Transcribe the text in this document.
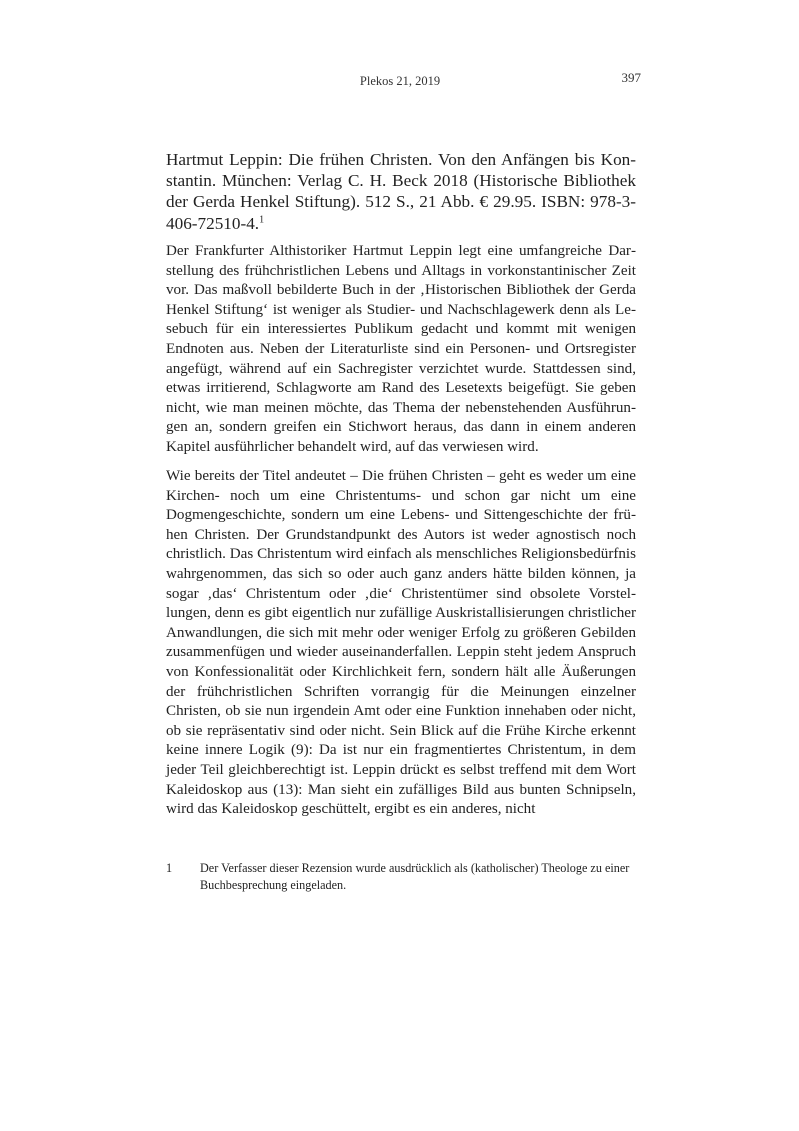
Plekos 21, 2019	397
Hartmut Leppin: Die frühen Christen. Von den Anfängen bis Konstantin. München: Verlag C. H. Beck 2018 (Historische Bibliothek der Gerda Henkel Stiftung). 512 S., 21 Abb. € 29.95. ISBN: 978-3-406-72510-4.$^1$

Der Frankfurter Althistoriker Hartmut Leppin legt eine umfangreiche Darstellung des frühchristlichen Lebens und Alltags in vorkonstantinischer Zeit vor. Das maßvoll bebilderte Buch in der ‚Historischen Bibliothek der Gerda Henkel Stiftung‘ ist weniger als Studier- und Nachschlagewerk denn als Lesebuch für ein interessiertes Publikum gedacht und kommt mit wenigen Endnoten aus. Neben der Literaturliste sind ein Personen- und Ortsregister angefügt, während auf ein Sachregister verzichtet wurde. Stattdessen sind, etwas irritierend, Schlagworte am Rand des Lesetexts beigefügt. Sie geben nicht, wie man meinen möchte, das Thema der nebenstehenden Ausführungen an, sondern greifen ein Stichwort heraus, das dann in einem anderen Kapitel ausführlicher behandelt wird, auf das verwiesen wird.

Wie bereits der Titel andeutet – Die frühen Christen – geht es weder um eine Kirchen- noch um eine Christentums- und schon gar nicht um eine Dogmengeschichte, sondern um eine Lebens- und Sittengeschichte der frühen Christen. Der Grundstandpunkt des Autors ist weder agnostisch noch christlich. Das Christentum wird einfach als menschliches Religionsbedürfnis wahrgenommen, das sich so oder auch ganz anders hätte bilden können, ja sogar ‚das‘ Christentum oder ‚die‘ Christentümer sind obsolete Vorstellungen, denn es gibt eigentlich nur zufällige Auskristallisierungen christlicher Anwandlungen, die sich mit mehr oder weniger Erfolg zu größeren Gebilden zusammenfügen und wieder auseinanderfallen. Leppin steht jedem Anspruch von Konfessionalität oder Kirchlichkeit fern, sondern hält alle Äußerungen der frühchristlichen Schriften vorrangig für die Meinungen einzelner Christen, ob sie nun irgendein Amt oder eine Funktion innehaben oder nicht, ob sie repräsentativ sind oder nicht. Sein Blick auf die Frühe Kirche erkennt keine innere Logik (9): Da ist nur ein fragmentiertes Christentum, in dem jeder Teil gleichberechtigt ist. Leppin drückt es selbst treffend mit dem Wort Kaleidoskop aus (13): Man sieht ein zufälliges Bild aus bunten Schnipseln, wird das Kaleidoskop geschüttelt, ergibt es ein anderes, nicht

1	Der Verfasser dieser Rezension wurde ausdrücklich als (katholischer) Theologe zu einer Buchbesprechung eingeladen.
